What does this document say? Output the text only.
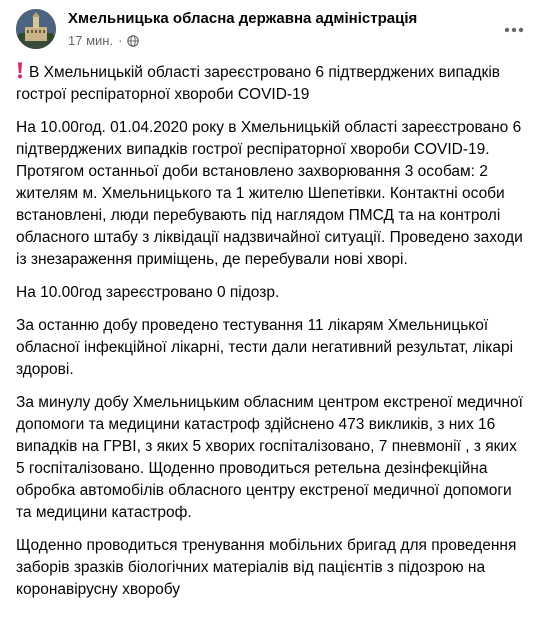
Хмельницька обласна державна адміністрація
17 мин. ·

В Хмельницькій області зареєстровано 6 підтверджених випадків гострої респіраторної хвороби COVID-19

На 10.00год. 01.04.2020 року в Хмельницькій області зареєстровано 6 підтверджених випадків гострої респіраторної хвороби COVID-19. Протягом останньої доби встановлено захворювання 3 особам: 2 жителям м. Хмельницького та 1 жителю Шепетівки. Контактні особи встановлені, люди перебувають під наглядом ПМСД та на контролі обласного штабу з ліквідації надзвичайної ситуації. Проведено заходи із знезараження приміщень, де перебували нові хворі.

На 10.00год зареєстровано 0 підозр.

За останню добу проведено тестування 11 лікарям Хмельницької обласної інфекційної лікарні, тести дали негативний результат, лікарі здорові.

За минулу добу Хмельницьким обласним центром екстреної медичної допомоги та медицини катастроф здійснено 473 викликів, з них 16 випадків на ГРВІ, з яких 5 хворих госпіталізовано, 7 пневмонії , з яких 5 госпіталізовано. Щоденно проводиться ретельна дезінфекційна обробка автомобілів обласного центру екстреної медичної допомоги та медицини катастроф.

Щоденно проводиться тренування мобільних бригад для проведення заборів зразків біологічних матеріалів від пацієнтів з підозрою на коронавірусну хворобу
